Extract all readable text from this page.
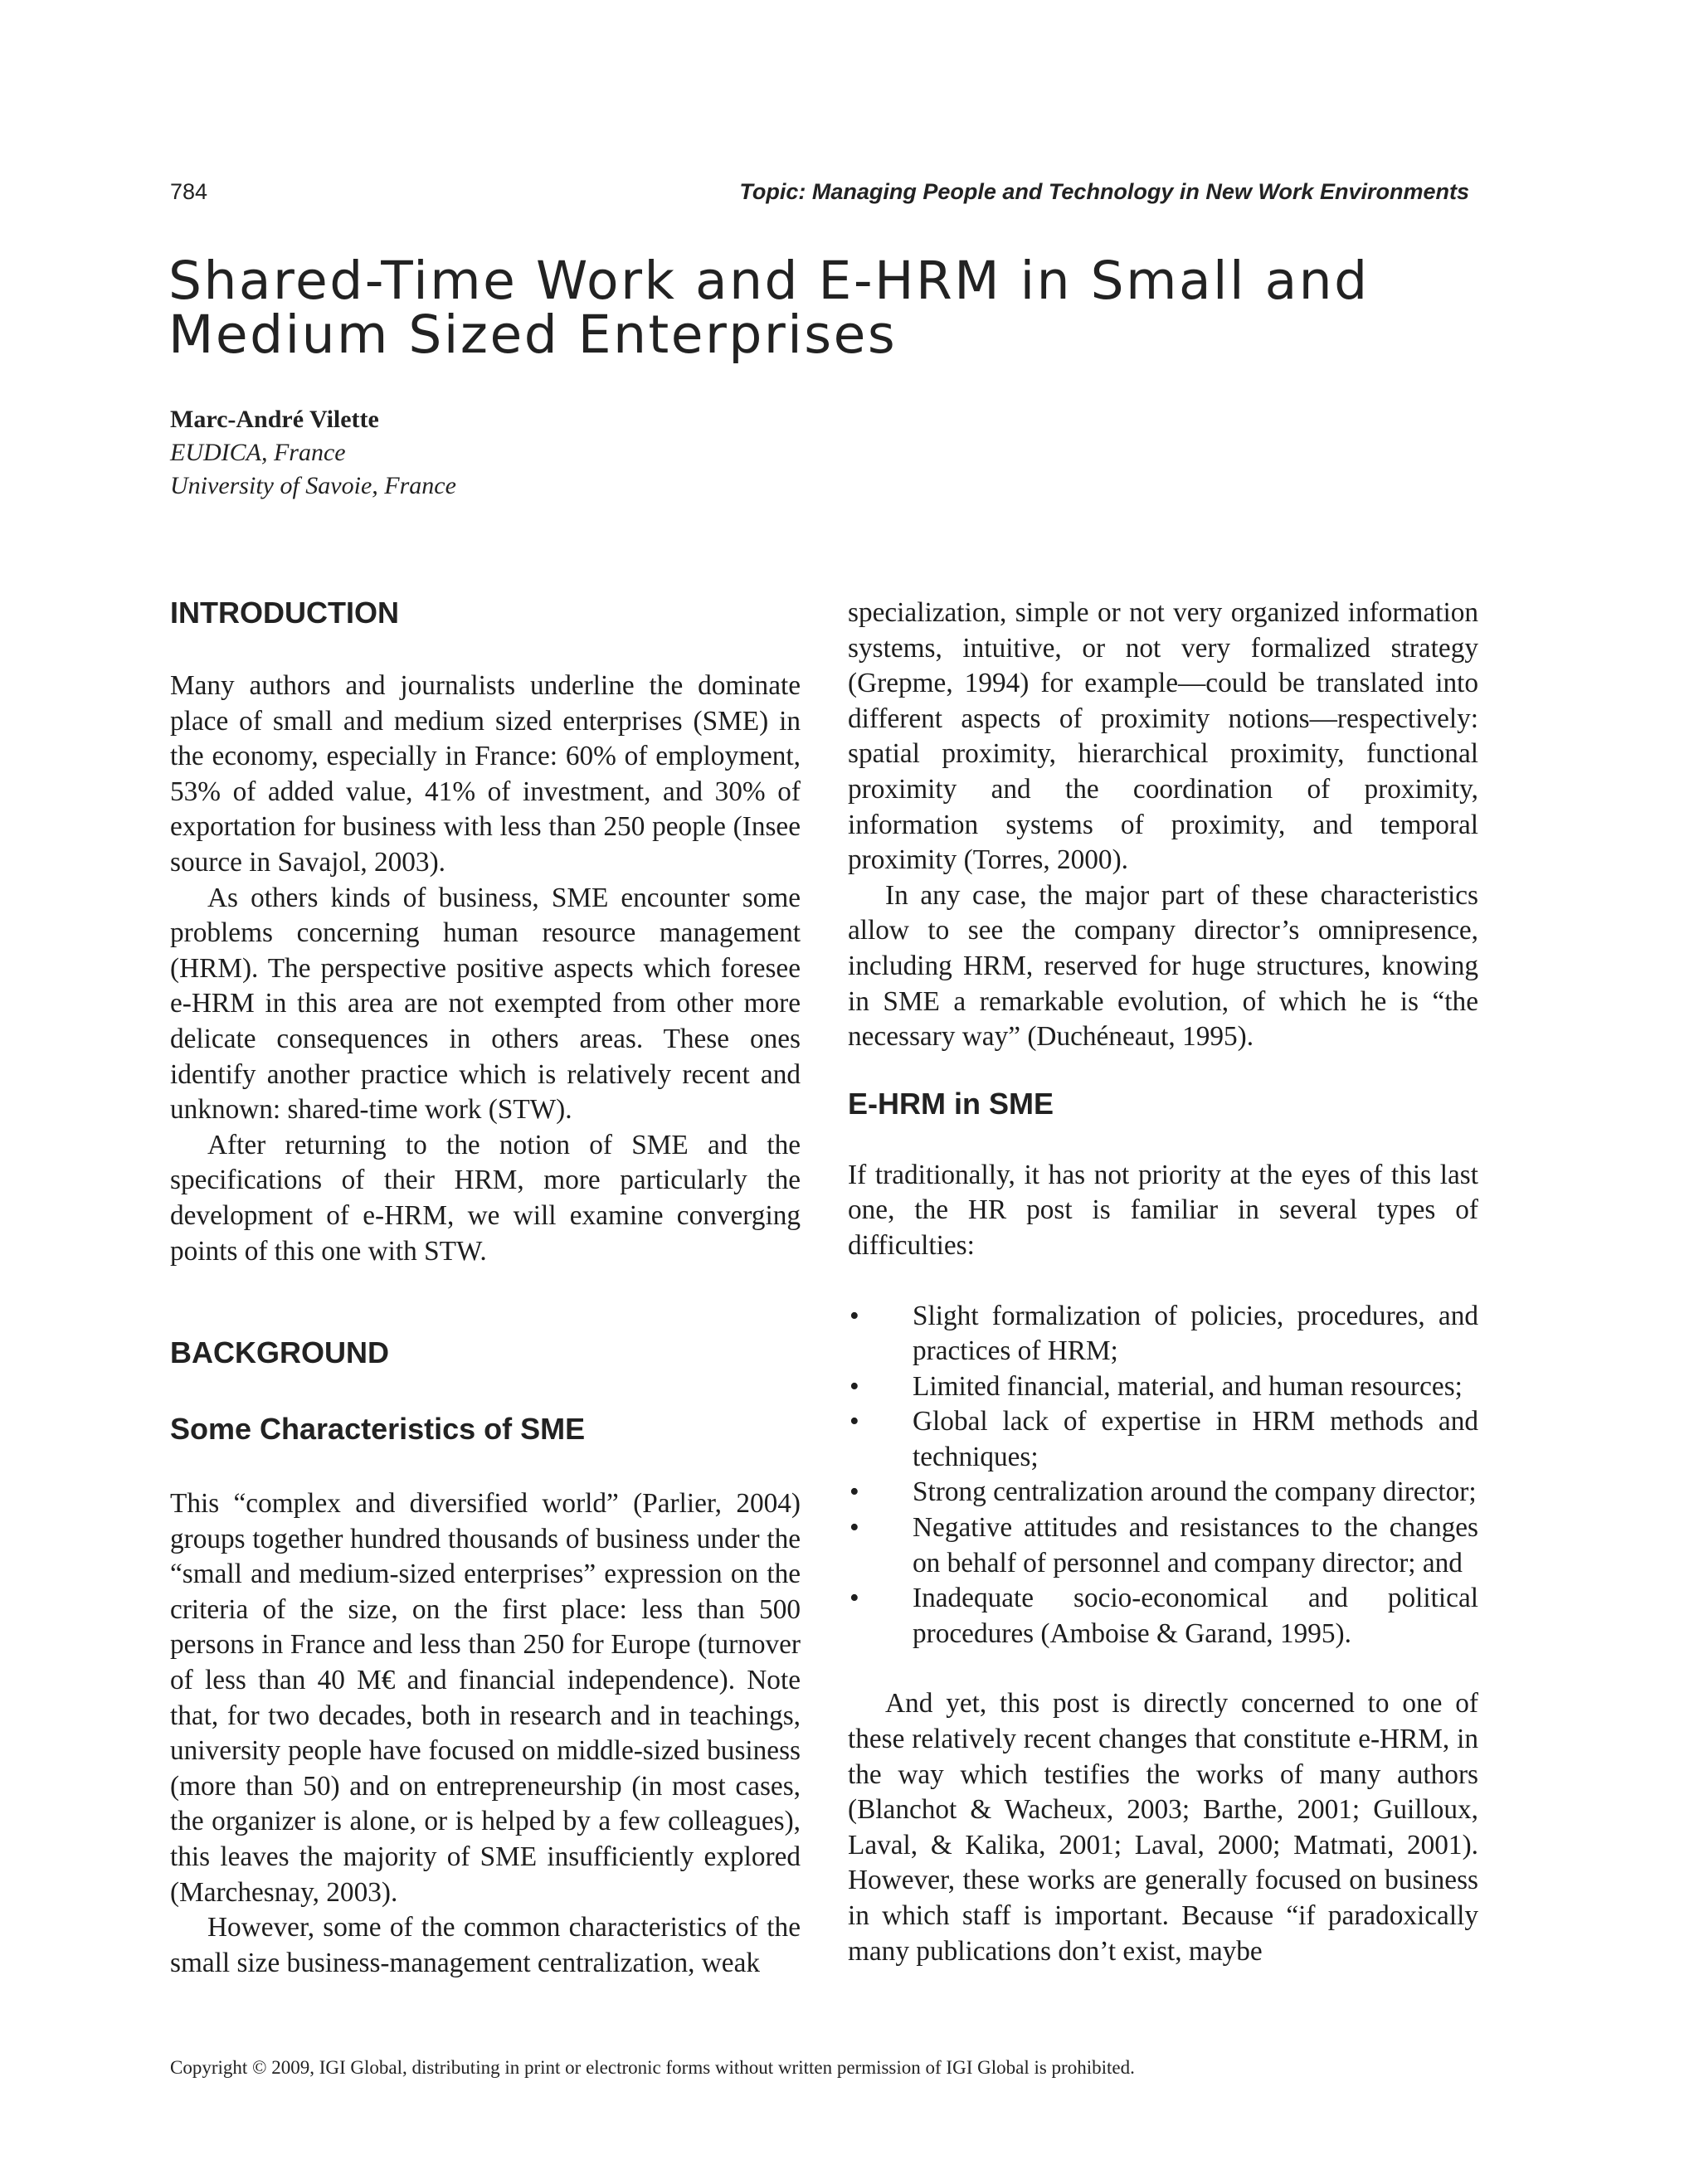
784	Topic: Managing People and Technology in New Work Environments
Shared-Time Work and E-HRM in Small and
Medium Sized Enterprises
Marc-André Vilette
EUDICA, France
University of Savoie, France
INTRODUCTION

Many authors and journalists underline the dominate place of small and medium sized enterprises (SME) in the economy, especially in France: 60% of employment, 53% of added value, 41% of investment, and 30% of exportation for business with less than 250 people (Insee source in Savajol, 2003).

As others kinds of business, SME encounter some problems concerning human resource management (HRM). The perspective positive aspects which foresee e-HRM in this area are not exempted from other more delicate consequences in others areas. These ones identify another practice which is relatively recent and unknown: shared-time work (STW).

After returning to the notion of SME and the specifications of their HRM, more particularly the development of e-HRM, we will examine converging points of this one with STW.

BACKGROUND
Some Characteristics of SME

This “complex and diversified world” (Parlier, 2004) groups together hundred thousands of business under the “small and medium-sized enterprises” expression on the criteria of the size, on the first place: less than 500 persons in France and less than 250 for Europe (turnover of less than 40 M€ and financial independence). Note that, for two decades, both in research and in teachings, university people have focused on middle-sized business (more than 50) and on entrepreneurship (in most cases, the organizer is alone, or is helped by a few colleagues), this leaves the majority of SME insufficiently explored (Marchesnay, 2003).

However, some of the common characteristics of the small size business-management centralization, weak

specialization, simple or not very organized information systems, intuitive, or not very formalized strategy (Grepme, 1994) for example—could be translated into different aspects of proximity notions—respectively: spatial proximity, hierarchical proximity, functional proximity and the coordination of proximity, information systems of proximity, and temporal proximity (Torres, 2000).

In any case, the major part of these characteristics allow to see the company director’s omnipresence, including HRM, reserved for huge structures, knowing in SME a remarkable evolution, of which he is “the necessary way” (Duchéneaut, 1995).

E-HRM in SME

If traditionally, it has not priority at the eyes of this last one, the HR post is familiar in several types of difficulties:

• Slight formalization of policies, procedures, and practices of HRM;
• Limited financial, material, and human resources;
• Global lack of expertise in HRM methods and techniques;
• Strong centralization around the company director;
• Negative attitudes and resistances to the changes on behalf of personnel and company director; and
• Inadequate socio-economical and political procedures (Amboise & Garand, 1995).

And yet, this post is directly concerned to one of these relatively recent changes that constitute e-HRM, in the way which testifies the works of many authors (Blanchot & Wacheux, 2003; Barthe, 2001; Guilloux, Laval, & Kalika, 2001; Laval, 2000; Matmati, 2001). However, these works are generally focused on business in which staff is important. Because “if paradoxically many publications don’t exist, maybe

Copyright © 2009, IGI Global, distributing in print or electronic forms without written permission of IGI Global is prohibited.
